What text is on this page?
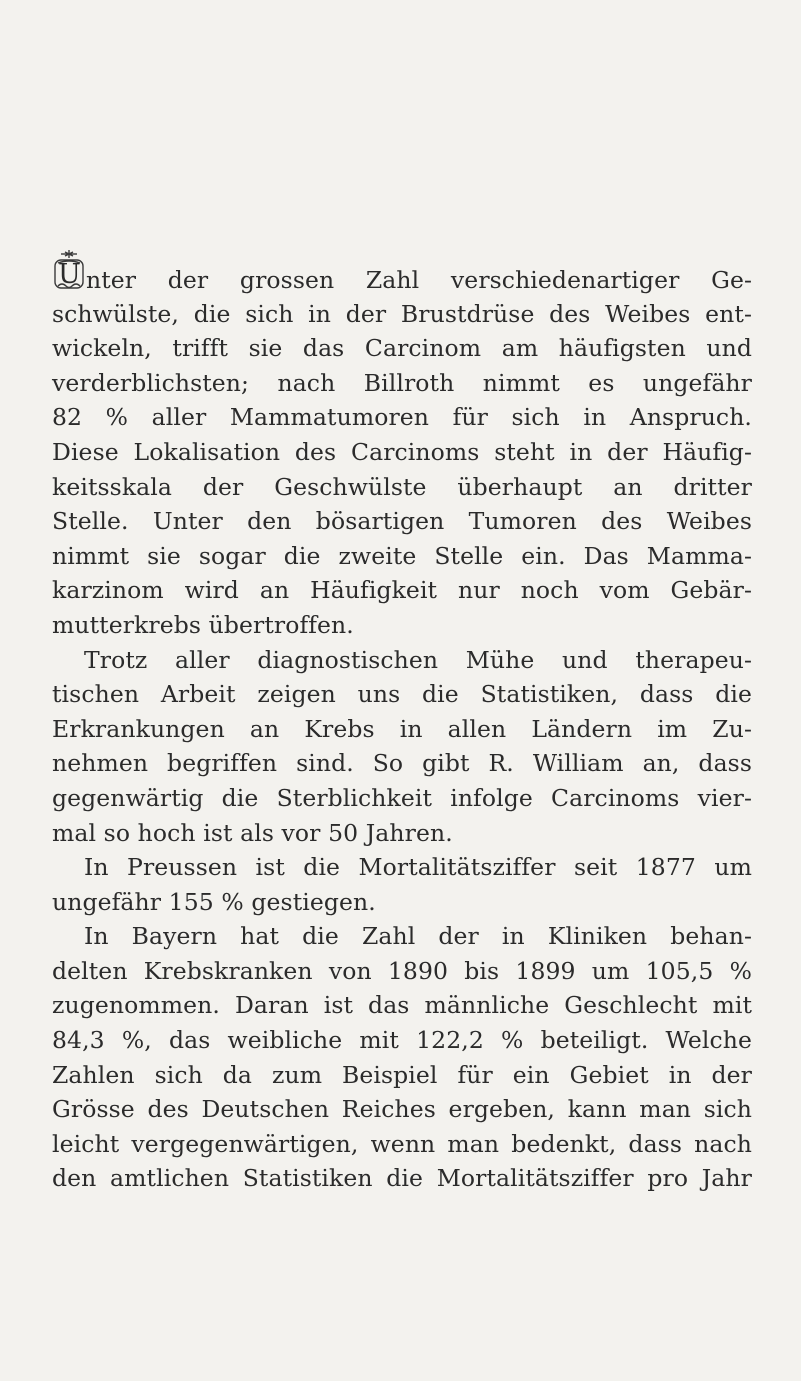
U nter der grossen Zahl verschiedenartiger Ge-
schwülste, die sich in der Brustdrüse des Weibes ent-
wickeln, trifft sie das Carcinom am häufigsten und
verderblichsten; nach Billroth nimmt es ungefähr
82 % aller Mammatumoren für sich in Anspruch.
Diese Lokalisation des Carcinoms steht in der Häufig-
keitsskala der Geschwülste überhaupt an dritter
Stelle. Unter den bösartigen Tumoren des Weibes
nimmt sie sogar die zweite Stelle ein. Das Mamma-
karzinom wird an Häufigkeit nur noch vom Gebär-
mutterkrebs übertroffen.
Trotz aller diagnostischen Mühe und therapeu-
tischen Arbeit zeigen uns die Statistiken, dass die
Erkrankungen an Krebs in allen Ländern im Zu-
nehmen begriffen sind. So gibt R. William an, dass
gegenwärtig die Sterblichkeit infolge Carcinoms vier-
mal so hoch ist als vor 50 Jahren.
In Preussen ist die Mortalitätsziffer seit 1877 um
ungefähr 155 % gestiegen.
In Bayern hat die Zahl der in Kliniken behan-
delten Krebskranken von 1890 bis 1899 um 105,5 %
zugenommen. Daran ist das männliche Geschlecht mit
84,3 %, das weibliche mit 122,2 % beteiligt. Welche
Zahlen sich da zum Beispiel für ein Gebiet in der
Grösse des Deutschen Reiches ergeben, kann man sich
leicht vergegenwärtigen, wenn man bedenkt, dass nach
den amtlichen Statistiken die Mortalitätsziffer pro Jahr
